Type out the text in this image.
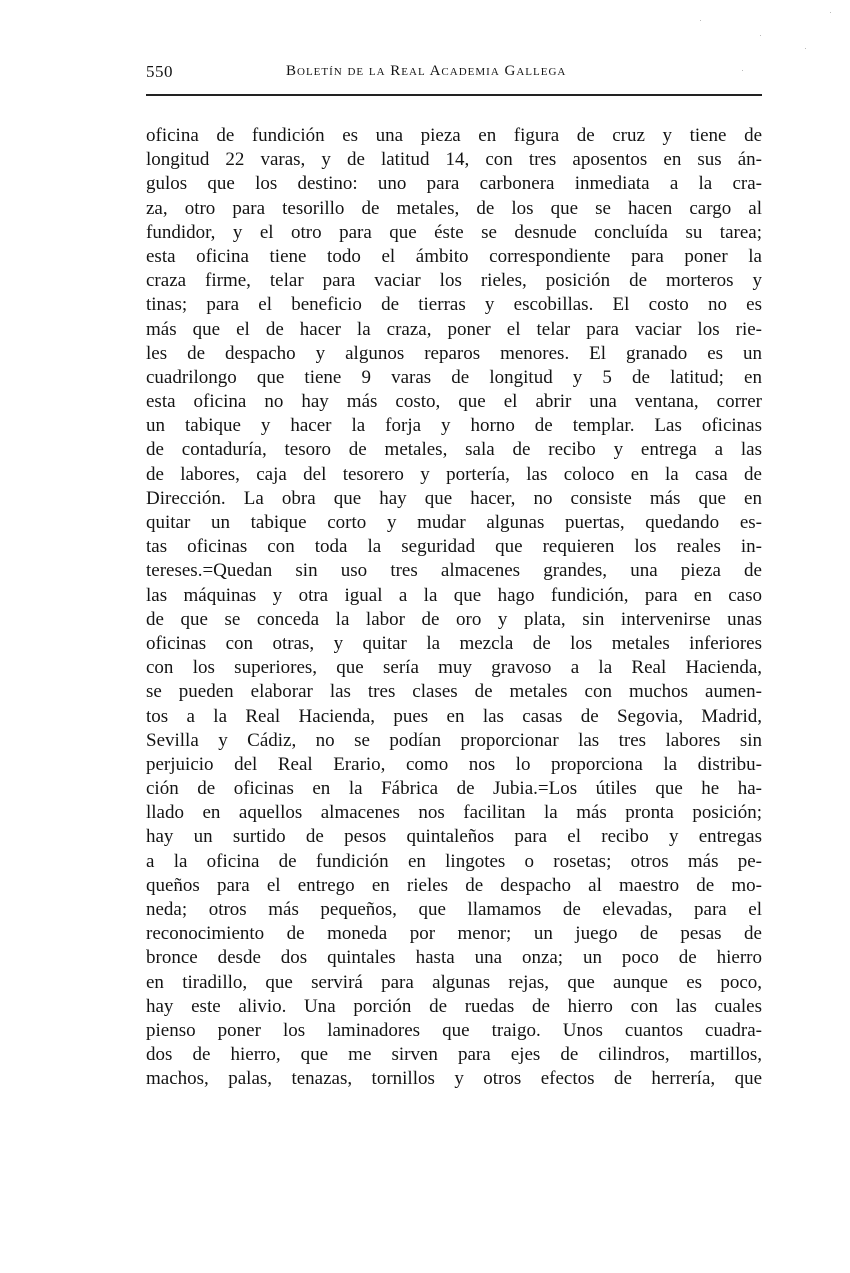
550	Boletín de la Real Academia Gallega
oficina de fundición es una pieza en figura de cruz y tiene de
longitud 22 varas, y de latitud 14, con tres aposentos en sus án-
gulos que los destino: uno para carbonera inmediata a la cra-
za, otro para tesorillo de metales, de los que se hacen cargo al
fundidor, y el otro para que éste se desnude concluída su tarea;
esta oficina tiene todo el ámbito correspondiente para poner la
craza firme, telar para vaciar los rieles, posición de morteros y
tinas; para el beneficio de tierras y escobillas. El costo no es
más que el de hacer la craza, poner el telar para vaciar los rie-
les de despacho y algunos reparos menores. El granado es un
cuadrilongo que tiene 9 varas de longitud y 5 de latitud; en
esta oficina no hay más costo, que el abrir una ventana, correr
un tabique y hacer la forja y horno de templar. Las oficinas
de contaduría, tesoro de metales, sala de recibo y entrega a las
de labores, caja del tesorero y portería, las coloco en la casa de
Dirección. La obra que hay que hacer, no consiste más que en
quitar un tabique corto y mudar algunas puertas, quedando es-
tas oficinas con toda la seguridad que requieren los reales in-
tereses.=Quedan sin uso tres almacenes grandes, una pieza de
las máquinas y otra igual a la que hago fundición, para en caso
de que se conceda la labor de oro y plata, sin intervenirse unas
oficinas con otras, y quitar la mezcla de los metales inferiores
con los superiores, que sería muy gravoso a la Real Hacienda,
se pueden elaborar las tres clases de metales con muchos aumen-
tos a la Real Hacienda, pues en las casas de Segovia, Madrid,
Sevilla y Cádiz, no se podían proporcionar las tres labores sin
perjuicio del Real Erario, como nos lo proporciona la distribu-
ción de oficinas en la Fábrica de Jubia.=Los útiles que he ha-
llado en aquellos almacenes nos facilitan la más pronta posición;
hay un surtido de pesos quintaleños para el recibo y entregas
a la oficina de fundición en lingotes o rosetas; otros más pe-
queños para el entrego en rieles de despacho al maestro de mo-
neda; otros más pequeños, que llamamos de elevadas, para el
reconocimiento de moneda por menor; un juego de pesas de
bronce desde dos quintales hasta una onza; un poco de hierro
en tiradillo, que servirá para algunas rejas, que aunque es poco,
hay este alivio. Una porción de ruedas de hierro con las cuales
pienso poner los laminadores que traigo. Unos cuantos cuadra-
dos de hierro, que me sirven para ejes de cilindros, martillos,
machos, palas, tenazas, tornillos y otros efectos de herrería, que
